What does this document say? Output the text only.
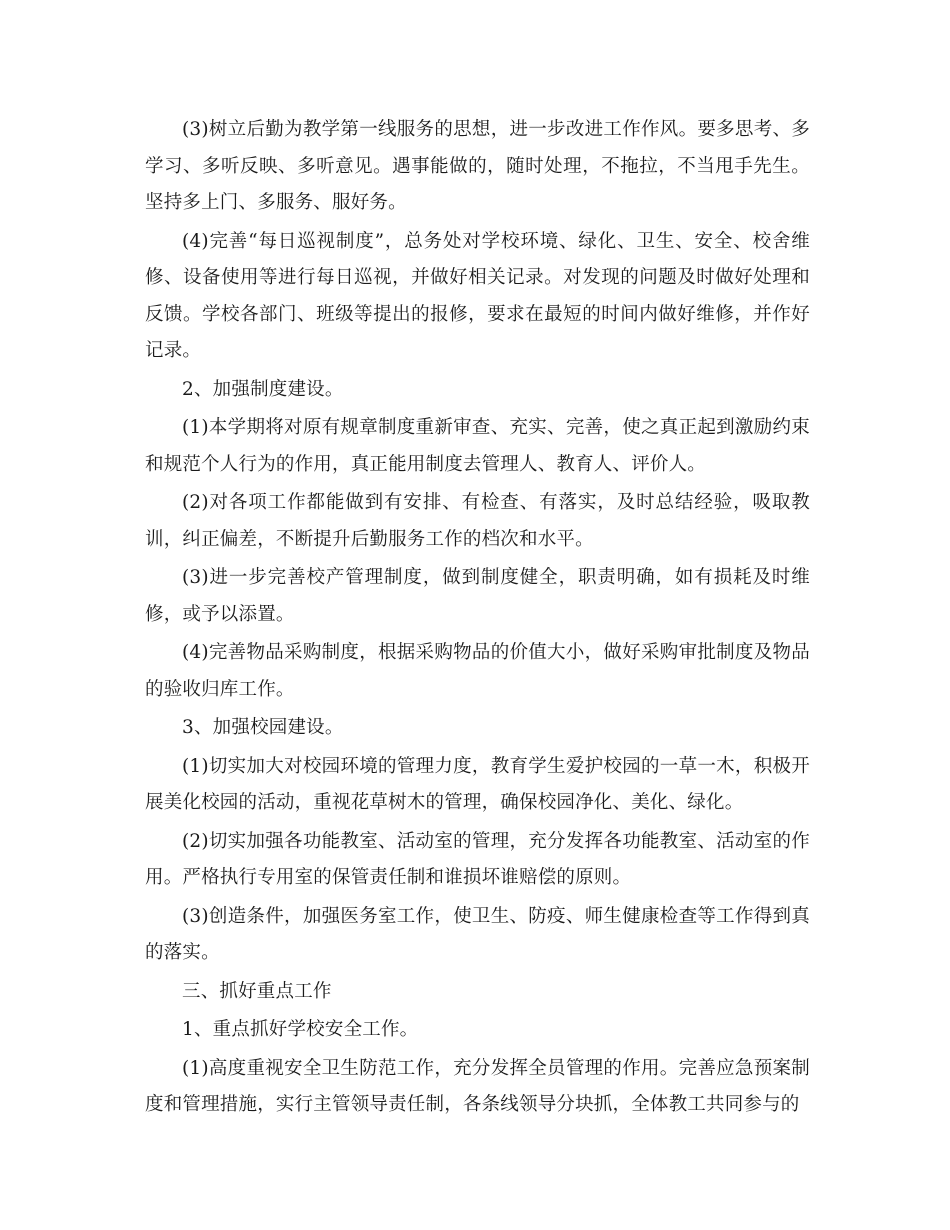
(3)树立后勤为教学第一线服务的思想，进一步改进工作作风。要多思考、多学习、多听反映、多听意见。遇事能做的，随时处理，不拖拉，不当甩手先生。坚持多上门、多服务、服好务。

(4)完善“每日巡视制度”，总务处对学校环境、绿化、卫生、安全、校舍维修、设备使用等进行每日巡视，并做好相关记录。对发现的问题及时做好处理和反馈。学校各部门、班级等提出的报修，要求在最短的时间内做好维修，并作好记录。

2、加强制度建设。

(1)本学期将对原有规章制度重新审查、充实、完善，使之真正起到激励约束和规范个人行为的作用，真正能用制度去管理人、教育人、评价人。

(2)对各项工作都能做到有安排、有检查、有落实，及时总结经验，吸取教训，纠正偏差，不断提升后勤服务工作的档次和水平。

(3)进一步完善校产管理制度，做到制度健全，职责明确，如有损耗及时维修，或予以添置。

(4)完善物品采购制度，根据采购物品的价值大小，做好采购审批制度及物品的验收归库工作。

3、加强校园建设。

(1)切实加大对校园环境的管理力度，教育学生爱护校园的一草一木，积极开展美化校园的活动，重视花草树木的管理，确保校园净化、美化、绿化。

(2)切实加强各功能教室、活动室的管理，充分发挥各功能教室、活动室的作用。严格执行专用室的保管责任制和谁损坏谁赔偿的原则。

(3)创造条件，加强医务室工作，使卫生、防疫、师生健康检查等工作得到真的落实。

三、抓好重点工作

1、重点抓好学校安全工作。

(1)高度重视安全卫生防范工作，充分发挥全员管理的作用。完善应急预案制度和管理措施，实行主管领导责任制，各条线领导分块抓，全体教工共同参与的
